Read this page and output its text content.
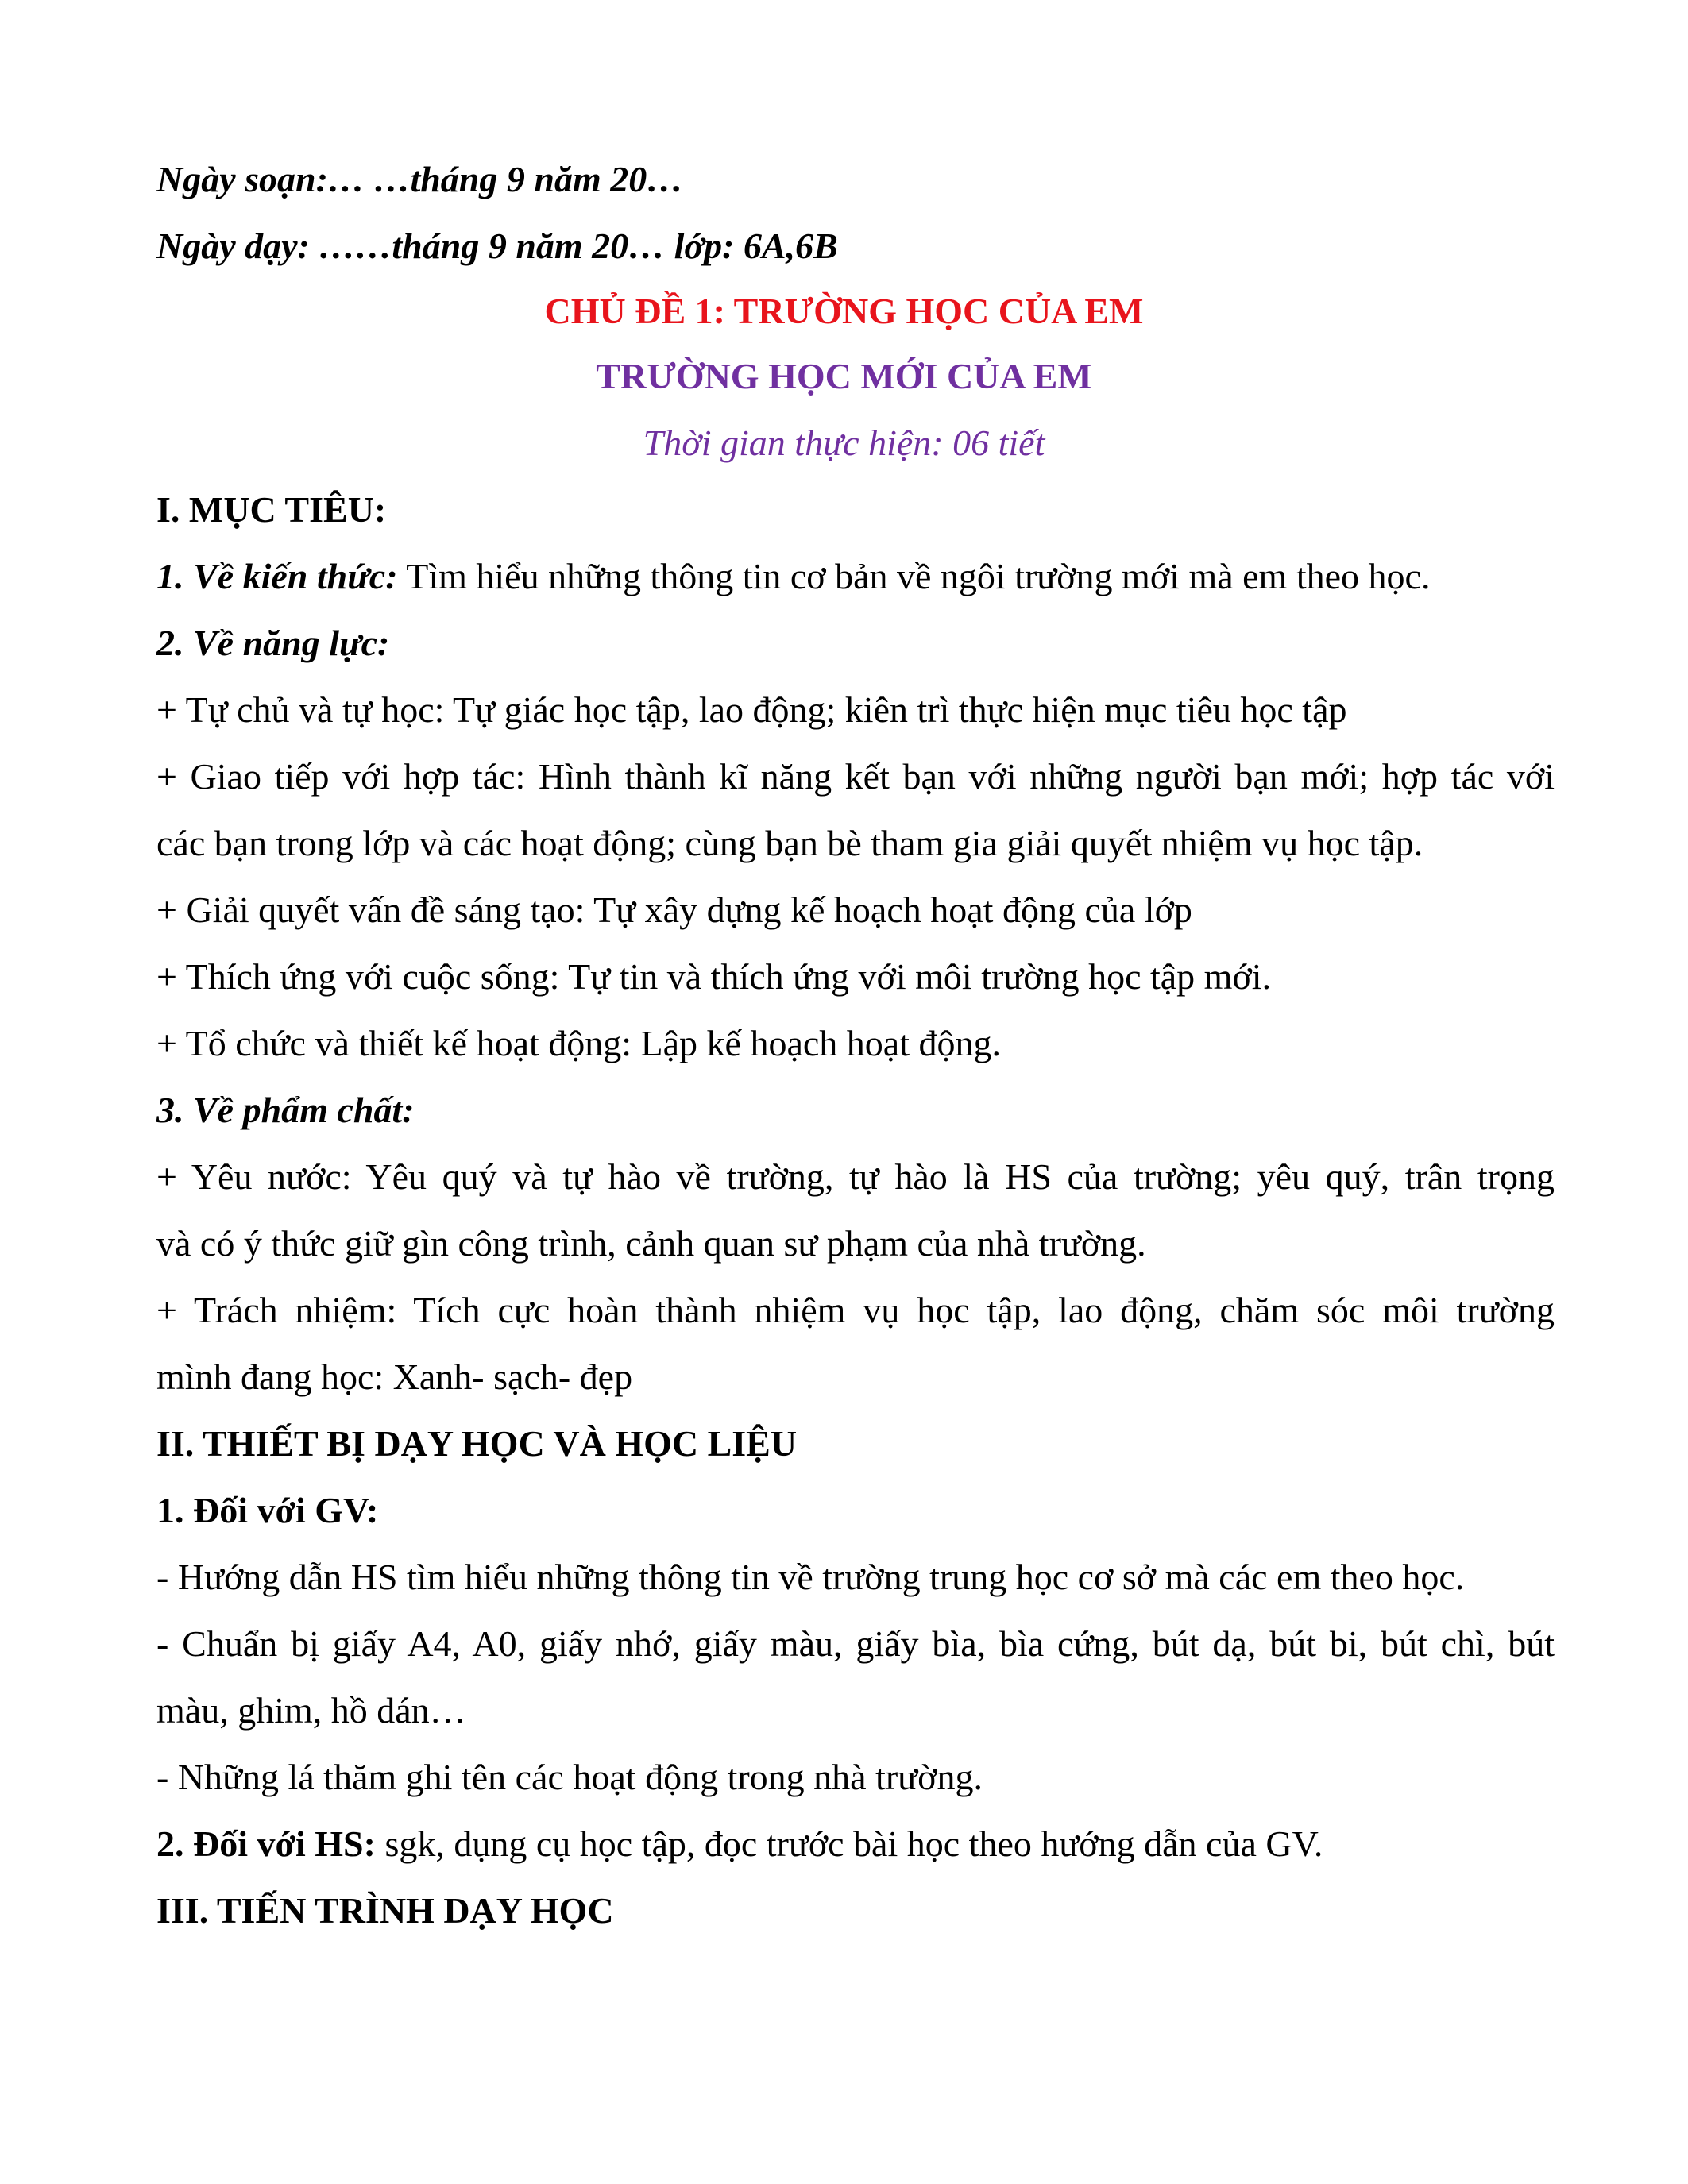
Ngày soạn:… …tháng 9 năm 20…
Ngày dạy: ……tháng 9 năm 20… lớp: 6A,6B
CHỦ ĐỀ 1: TRƯỜNG HỌC CỦA EM
TRƯỜNG HỌC MỚI CỦA EM
Thời gian thực hiện: 06 tiết
I. MỤC TIÊU:
1. Về kiến thức: Tìm hiểu những thông tin cơ bản về ngôi trường mới mà em theo học.
2. Về năng lực:
+ Tự chủ và tự học: Tự giác học tập, lao động; kiên trì thực hiện mục tiêu học tập
+ Giao tiếp với hợp tác: Hình thành kĩ năng kết bạn với những người bạn mới; hợp tác với
các bạn trong lớp và các hoạt động; cùng bạn bè tham gia giải quyết nhiệm vụ học tập.
+ Giải quyết vấn đề sáng tạo: Tự xây dựng kế hoạch hoạt động của lớp
+ Thích ứng với cuộc sống: Tự tin và thích ứng với môi trường học tập mới.
+ Tổ chức và thiết kế hoạt động: Lập kế hoạch hoạt động.
3. Về phẩm chất:
+ Yêu nước: Yêu quý và tự hào về trường, tự hào là HS của trường; yêu quý, trân trọng
và có ý thức giữ gìn công trình, cảnh quan sư phạm của nhà trường.
+ Trách nhiệm: Tích cực hoàn thành nhiệm vụ học tập, lao động, chăm sóc môi trường
mình đang học: Xanh- sạch- đẹp
II. THIẾT BỊ DẠY HỌC VÀ HỌC LIỆU
1. Đối với GV:
- Hướng dẫn HS tìm hiểu những thông tin về trường trung học cơ sở mà các em theo học.
- Chuẩn bị giấy A4, A0, giấy nhớ, giấy màu, giấy bìa, bìa cứng, bút dạ, bút bi, bút chì, bút
màu, ghim, hồ dán…
- Những lá thăm ghi tên các hoạt động trong nhà trường.
2. Đối với HS: sgk, dụng cụ học tập, đọc trước bài học theo hướng dẫn của GV.
III. TIẾN TRÌNH DẠY HỌC
